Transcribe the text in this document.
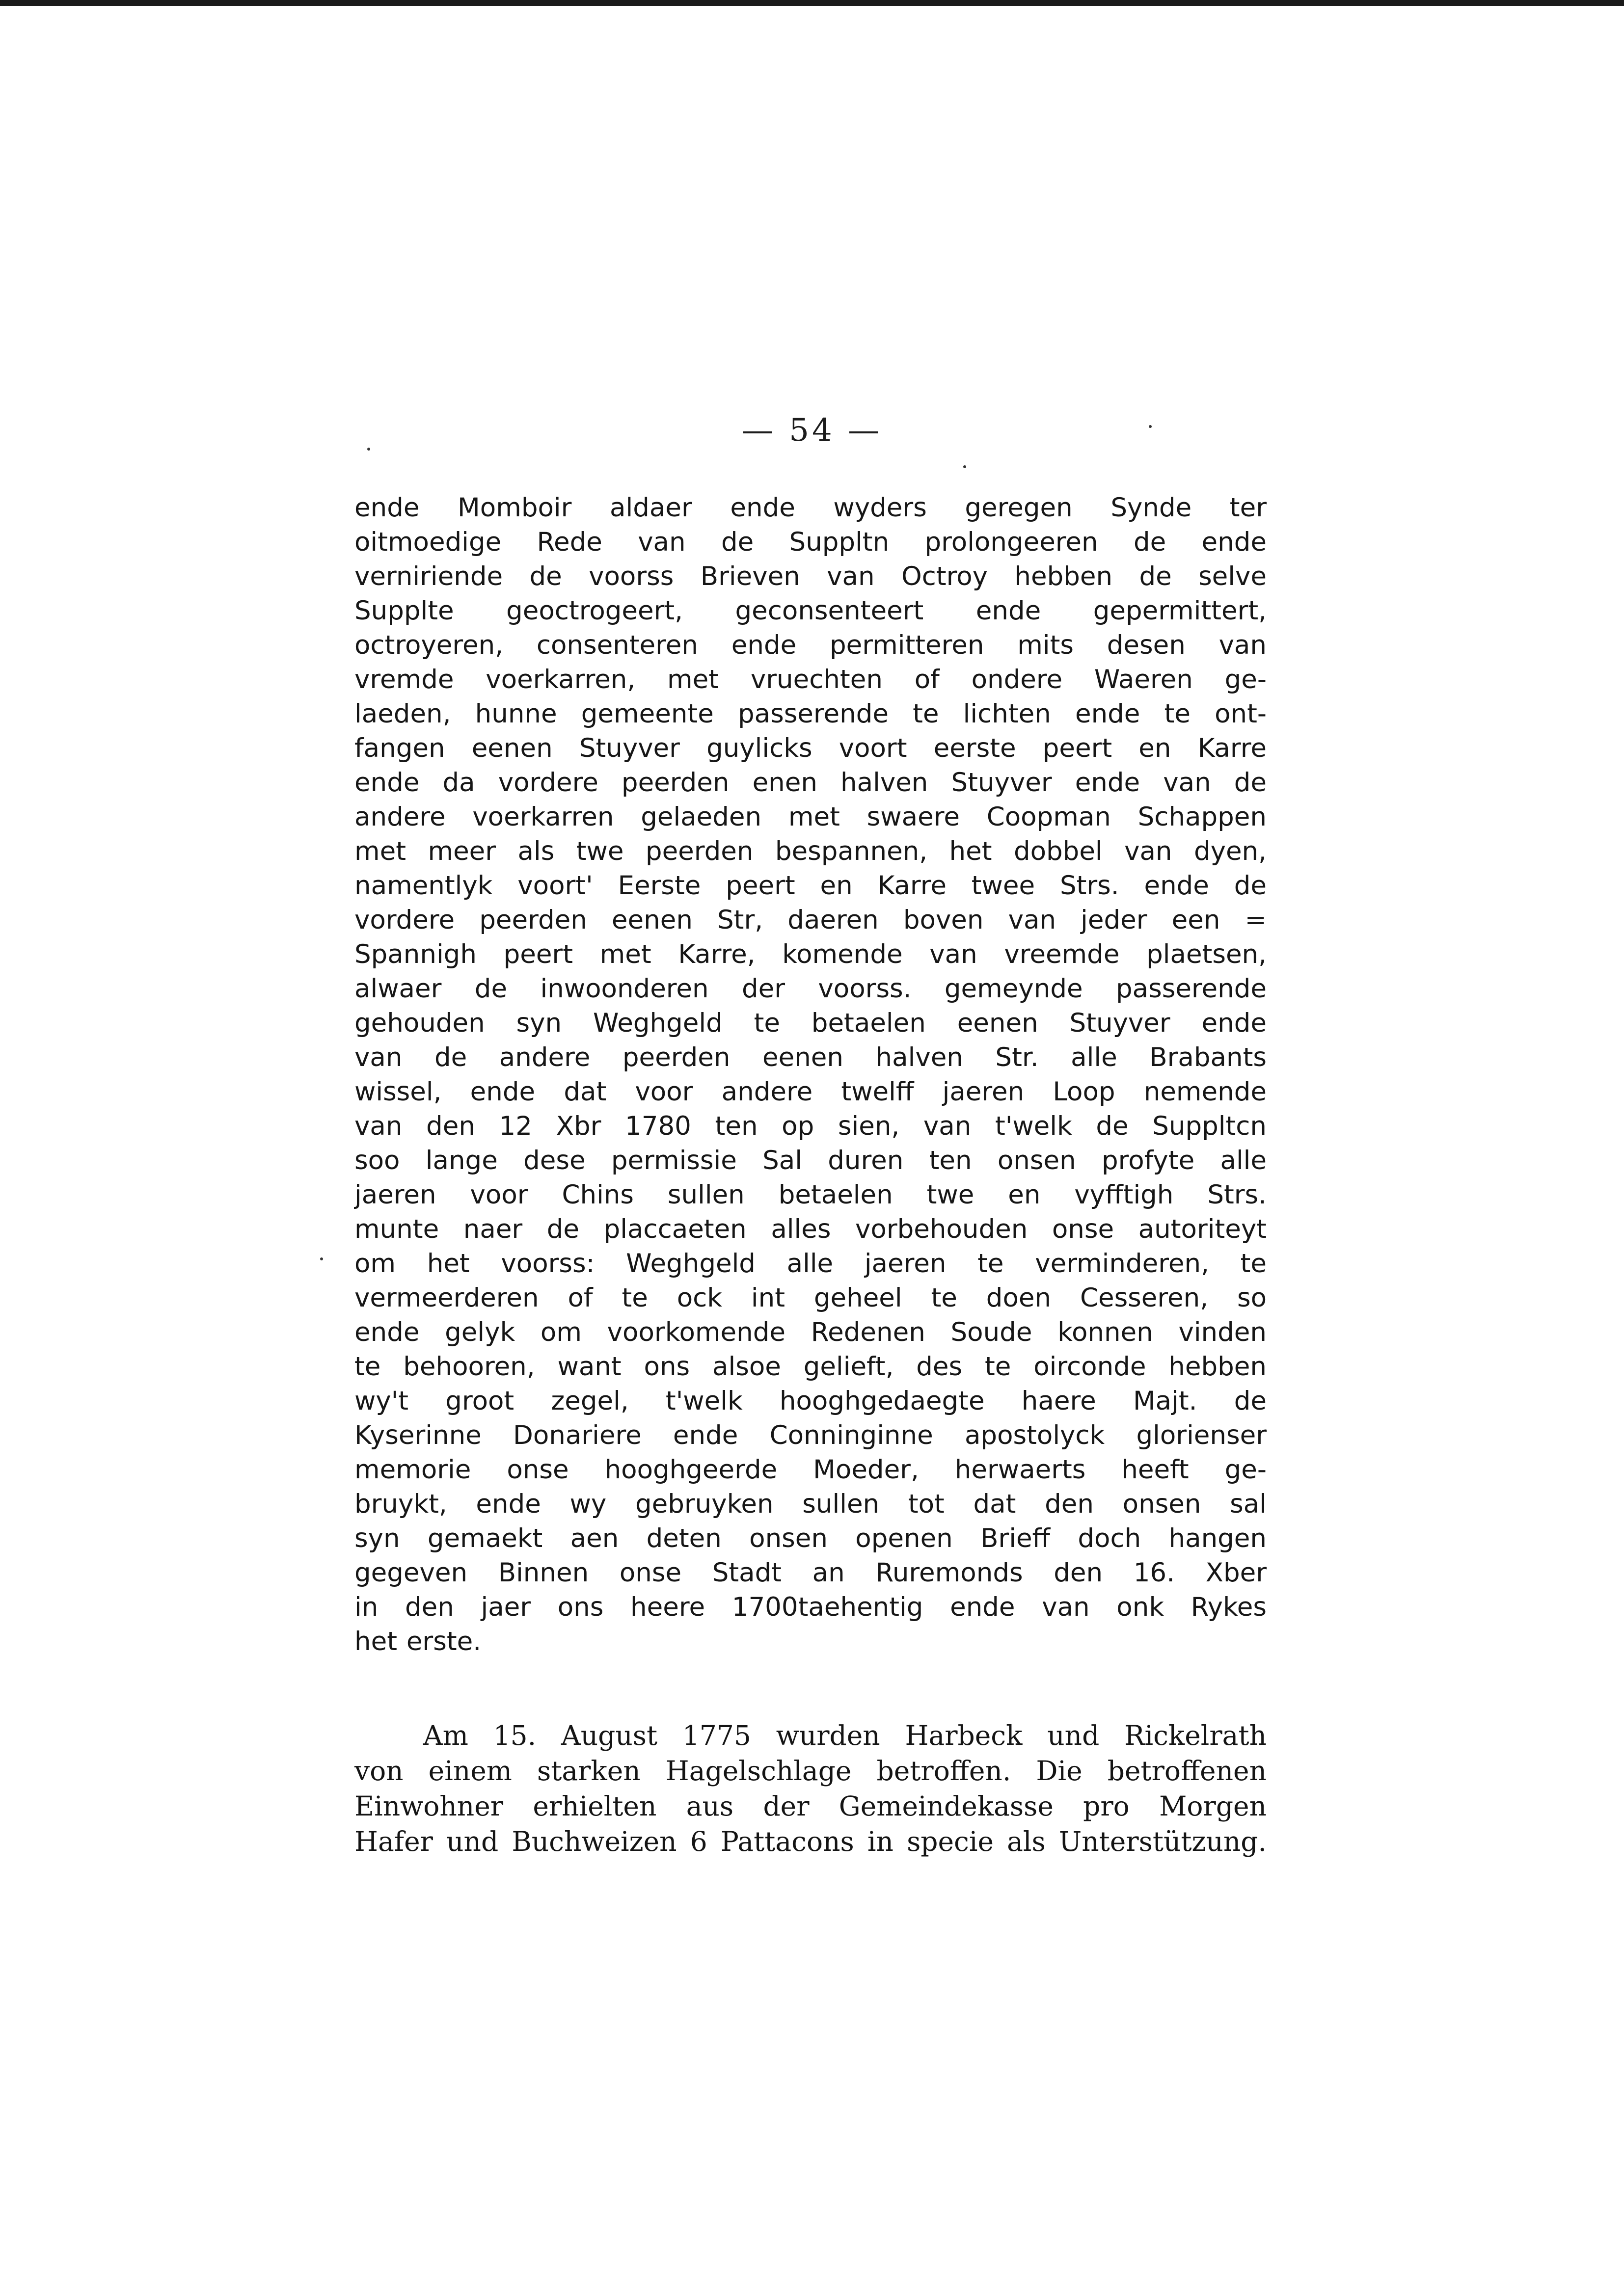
— 54 —
ende Momboir aldaer ende wyders geregen Synde ter
oitmoedige Rede van de Suppltn prolongeeren de ende
verniriende de voorss Brieven van Octroy hebben de selve
Supplte geoctrogeert, geconsenteert ende gepermittert,
octroyeren, consenteren ende permitteren mits desen van
vremde voerkarren, met vruechten of ondere Waeren ge-
laeden, hunne gemeente passerende te lichten ende te ont-
fangen eenen Stuyver guylicks voort eerste peert en Karre
ende da vordere peerden enen halven Stuyver ende van de
andere voerkarren gelaeden met swaere Coopman Schappen
met meer als twe peerden bespannen, het dobbel van dyen,
namentlyk voort' Eerste peert en Karre twee Strs. ende de
vordere peerden eenen Str, daeren boven van jeder een =
Spannigh peert met Karre, komende van vreemde plaetsen,
alwaer de inwoonderen der voorss. gemeynde passerende
gehouden syn Weghgeld te betaelen eenen Stuyver ende
van de andere peerden eenen halven Str. alle Brabants
wissel, ende dat voor andere twelff jaeren Loop nemende
van den 12 Xbr 1780 ten op sien, van t'welk de Suppltcn
soo lange dese permissie Sal duren ten onsen profyte alle
jaeren voor Chins sullen betaelen twe en vyfftigh Strs.
munte naer de placcaeten alles vorbehouden onse autoriteyt
om het voorss: Weghgeld alle jaeren te verminderen, te
vermeerderen of te ock int geheel te doen Cesseren, so
ende gelyk om voorkomende Redenen Soude konnen vinden
te behooren, want ons alsoe gelieft, des te oirconde hebben
wy't groot zegel, t'welk hooghgedaegte haere Majt. de
Kyserinne Donariere ende Conninginne apostolyck glorienser
memorie onse hooghgeerde Moeder, herwaerts heeft ge-
bruykt, ende wy gebruyken sullen tot dat den onsen sal
syn gemaekt aen deten onsen openen Brieff doch hangen
gegeven Binnen onse Stadt an Ruremonds den 16. Xber
in den jaer ons heere 1700taehentig ende van onk Rykes
het erste.
Am 15. August 1775 wurden Harbeck und Rickelrath
von einem starken Hagelschlage betroffen. Die betroffenen
Einwohner erhielten aus der Gemeindekasse pro Morgen
Hafer und Buchweizen 6 Pattacons in specie als Unterstützung.
